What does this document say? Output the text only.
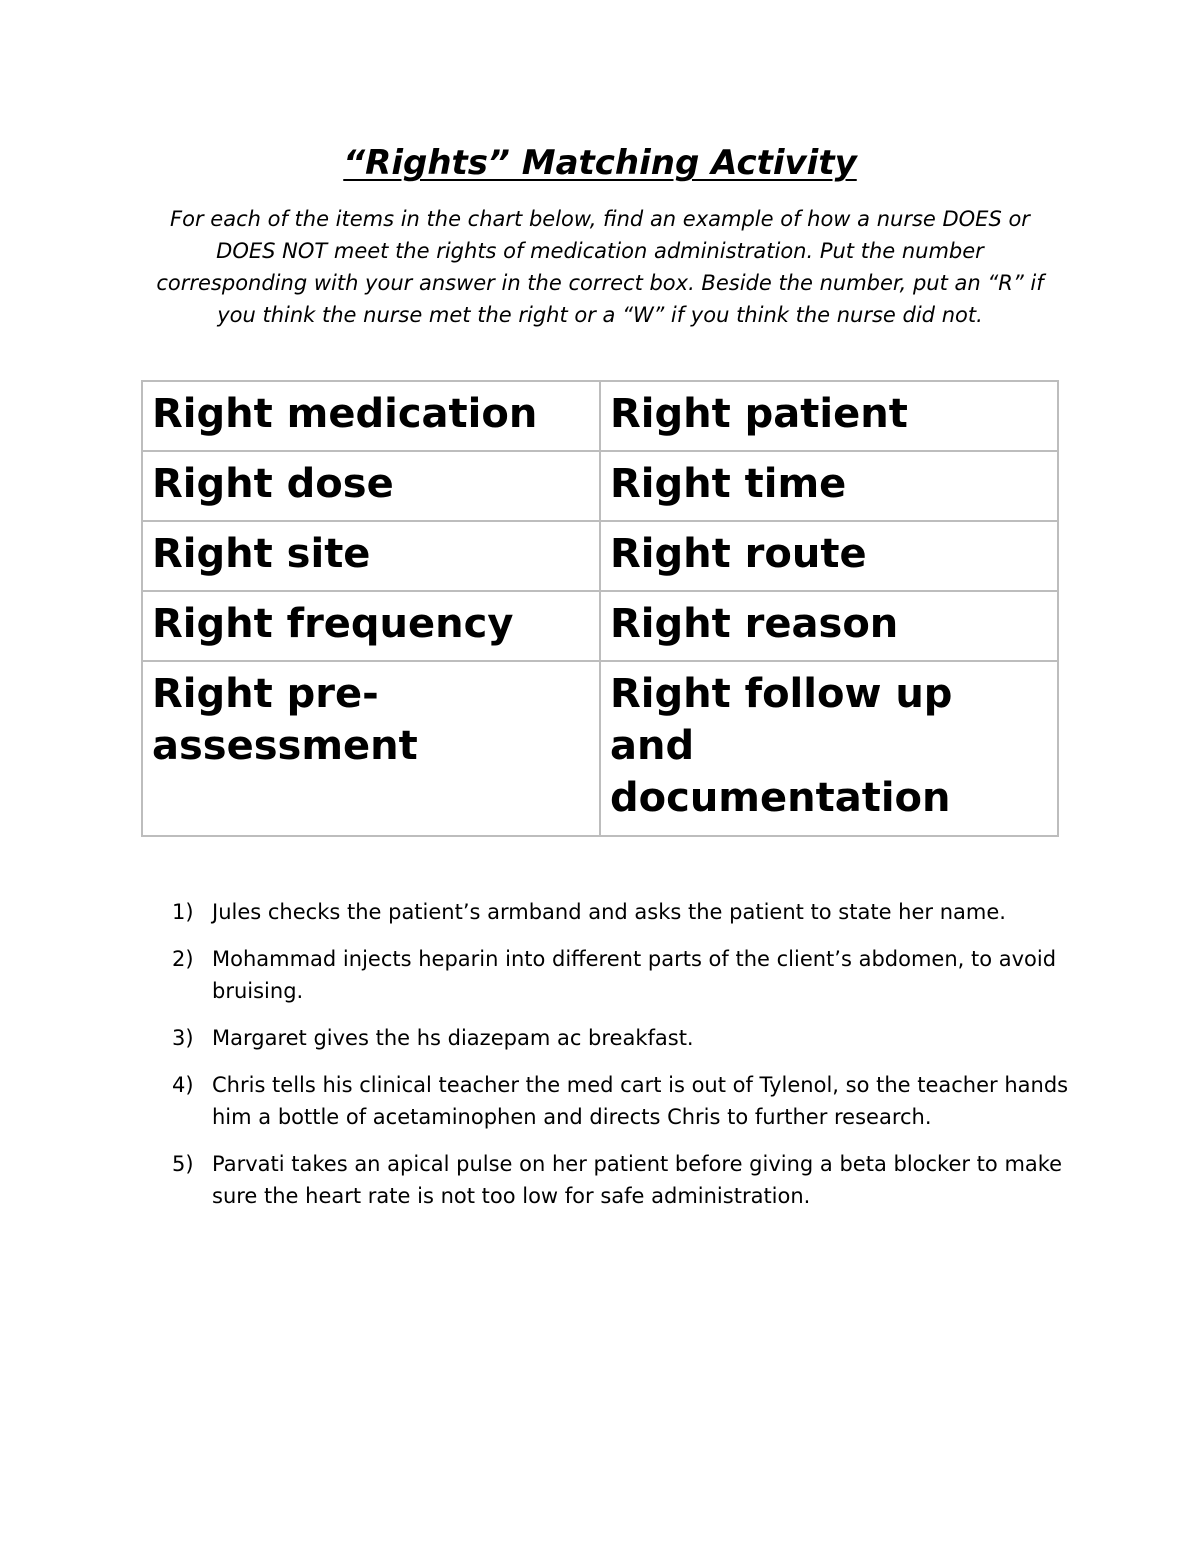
“Rights” Matching Activity

For each of the items in the chart below, find an example of how a nurse DOES or DOES NOT meet the rights of medication administration. Put the number corresponding with your answer in the correct box. Beside the number, put an “R” if you think the nurse met the right or a “W” if you think the nurse did not.

Right medication	Right patient
Right dose	Right time
Right site	Right route
Right frequency	Right reason
Right pre-assessment	Right follow up and documentation
1) Jules checks the patient’s armband and asks the patient to state her name.
2) Mohammad injects heparin into different parts of the client’s abdomen, to avoid bruising.
3) Margaret gives the hs diazepam ac breakfast.
4) Chris tells his clinical teacher the med cart is out of Tylenol, so the teacher hands him a bottle of acetaminophen and directs Chris to further research.
5) Parvati takes an apical pulse on her patient before giving a beta blocker to make sure the heart rate is not too low for safe administration.
